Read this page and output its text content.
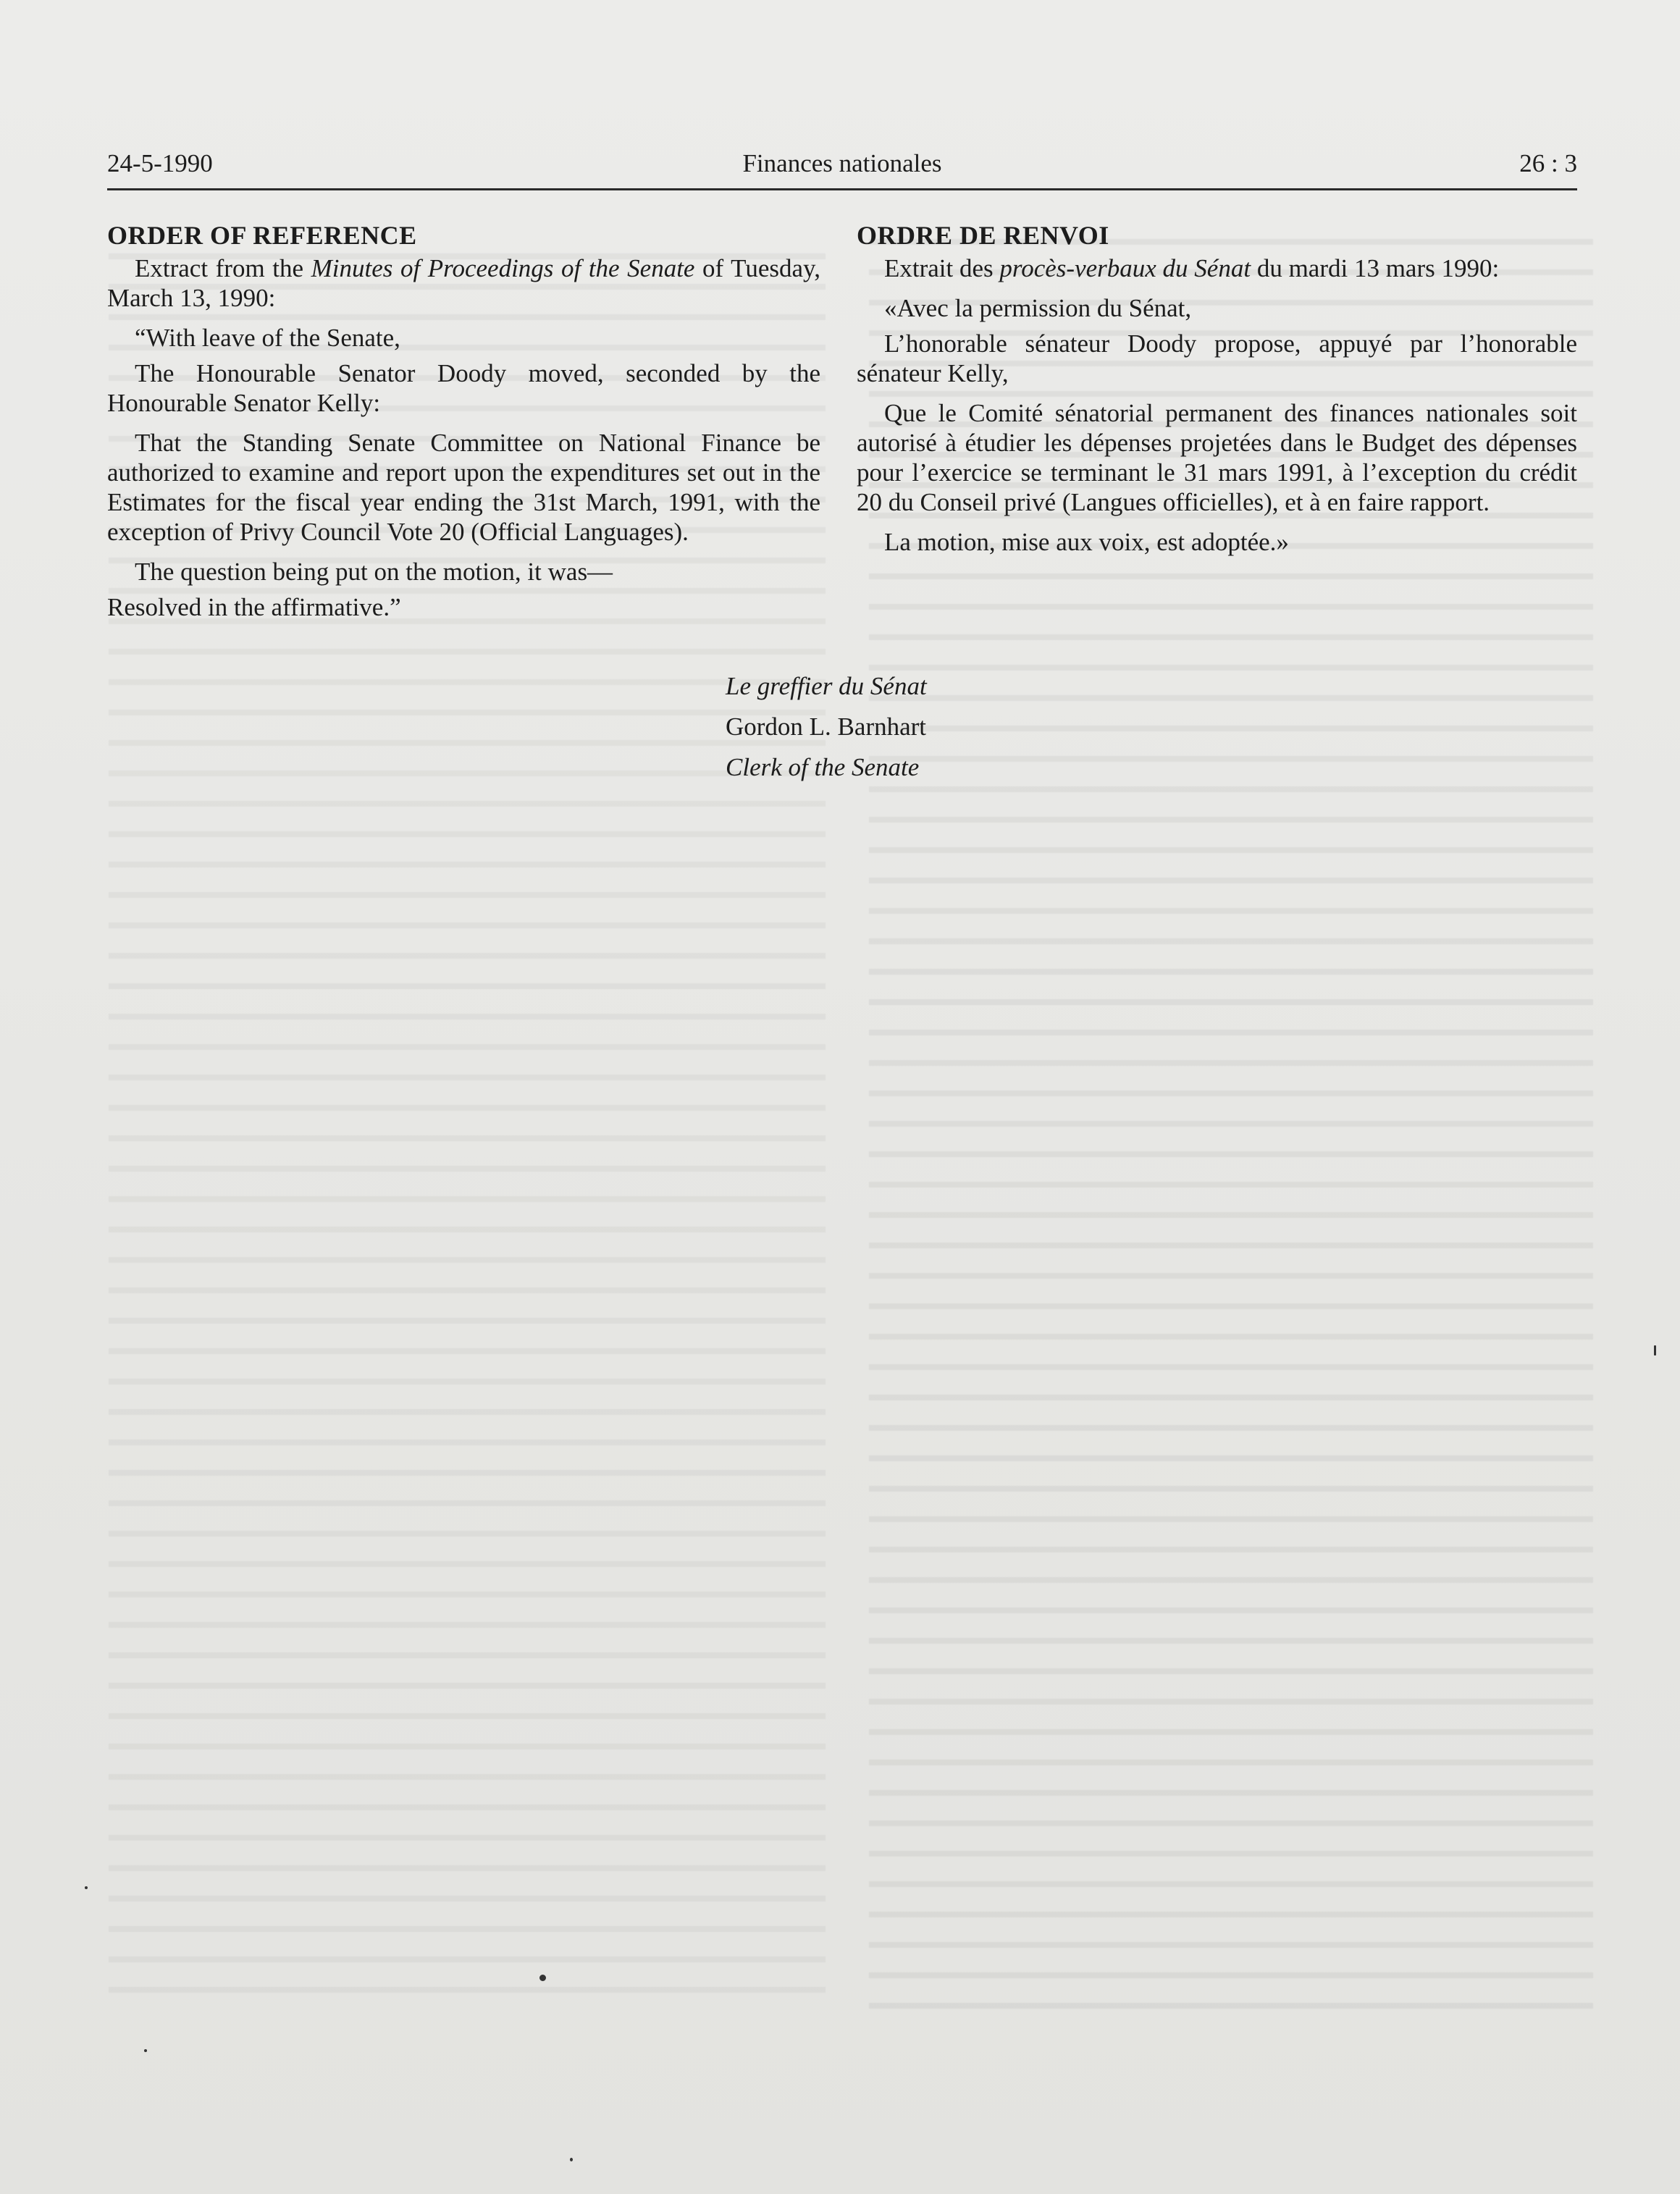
24-5-1990	Finances nationales	26 : 3
ORDER OF REFERENCE

Extract from the Minutes of Proceedings of the Senate of Tuesday, March 13, 1990:

“With leave of the Senate,

The Honourable Senator Doody moved, seconded by the Honourable Senator Kelly:

That the Standing Senate Committee on National Finance be authorized to examine and report upon the expenditures set out in the Estimates for the fiscal year ending the 31st March, 1991, with the exception of Privy Council Vote 20 (Official Languages).

The question being put on the motion, it was—

Resolved in the affirmative.”

ORDRE DE RENVOI

Extrait des procès-verbaux du Sénat du mardi 13 mars 1990:

«Avec la permission du Sénat,

L’honorable sénateur Doody propose, appuyé par l’honorable sénateur Kelly,

Que le Comité sénatorial permanent des finances nationales soit autorisé à étudier les dépenses projetées dans le Budget des dépenses pour l’exercice se terminant le 31 mars 1991, à l’exception du crédit 20 du Conseil privé (Langues officielles), et à en faire rapport.

La motion, mise aux voix, est adoptée.»

Le greffier du Sénat
Gordon L. Barnhart
Clerk of the Senate
